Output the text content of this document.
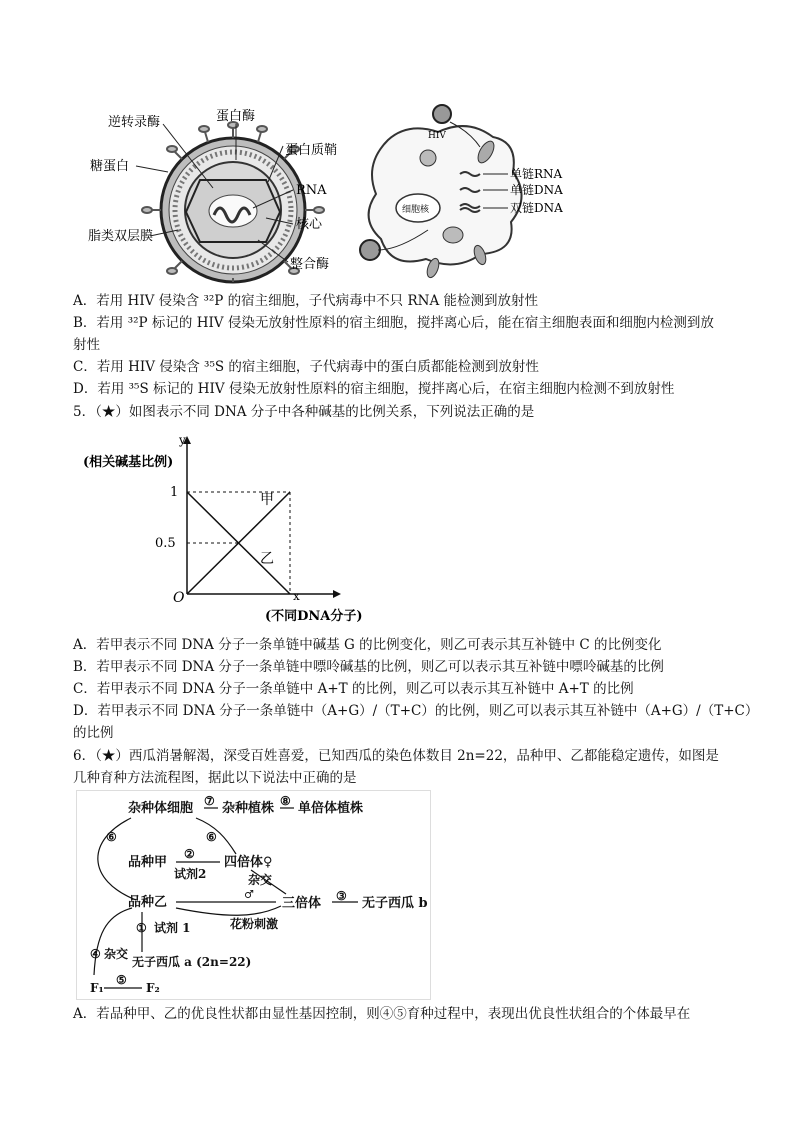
逆转录酶	蛋白酶
蛋白质鞘
糖蛋白
RNA
核心
脂类双层膜
整合酶
细胞核
HIV
单链RNA
单链DNA
双链DNA
A．若用 HIV 侵染含 ³²P 的宿主细胞，子代病毒中不只 RNA 能检测到放射性
B．若用 ³²P 标记的 HIV 侵染无放射性原料的宿主细胞，搅拌离心后，能在宿主细胞表面和细胞内检测到放
射性
C．若用 HIV 侵染含 ³⁵S 的宿主细胞，子代病毒中的蛋白质都能检测到放射性
D．若用 ³⁵S 标记的 HIV 侵染无放射性原料的宿主细胞，搅拌离心后，在宿主细胞内检测不到放射性
5．（★）如图表示不同 DNA 分子中各种碱基的比例关系，下列说法正确的是
y
(相关碱基比例)
1
0.5
O	x
(不同DNA分子)
甲
乙
A．若甲表示不同 DNA 分子一条单链中碱基 G 的比例变化，则乙可表示其互补链中 C 的比例变化
B．若甲表示不同 DNA 分子一条单链中嘌呤碱基的比例，则乙可以表示其互补链中嘌呤碱基的比例
C．若甲表示不同 DNA 分子一条单链中 A+T 的比例，则乙可以表示其互补链中 A+T 的比例
D．若甲表示不同 DNA 分子一条单链中（A+G）/（T+C）的比例，则乙可以表示其互补链中（A+G）/（T+C）
的比例
6．（★）西瓜消暑解渴，深受百姓喜爱，已知西瓜的染色体数目 2n=22，品种甲、乙都能稳定遗传，如图是
几种育种方法流程图，据此以下说法中正确的是
杂种体细胞 ⑦ 杂种植株 ⑧ 单倍体植株
⑥	⑥
品种甲
②
试剂2
四倍体♀
杂交
品种乙
♂
三倍体 ③ 无子西瓜 b
花粉刺激
① 试剂 1
④ 杂交
无子西瓜 a (2n=22)
F₁
⑤
F₂
A．若品种甲、乙的优良性状都由显性基因控制，则④⑤育种过程中，表现出优良性状组合的个体最早在
